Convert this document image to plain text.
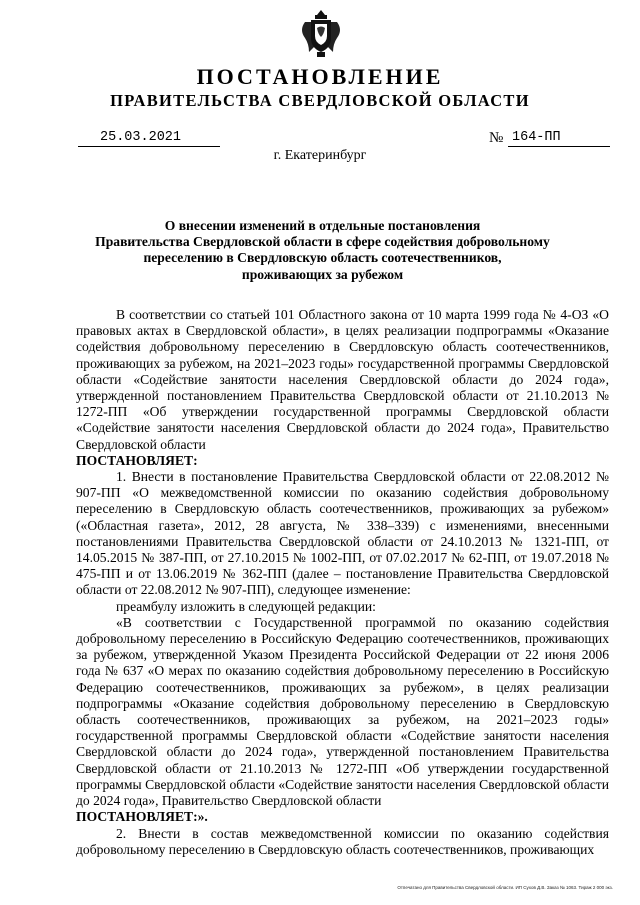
ПОСТАНОВЛЕНИЕ
ПРАВИТЕЛЬСТВА СВЕРДЛОВСКОЙ ОБЛАСТИ
25.03.2021	№ 164-ПП
г. Екатеринбург
О внесении изменений в отдельные постановления
Правительства Свердловской области в сфере содействия добровольному
переселению в Свердловскую область соотечественников,
проживающих за рубежом

В соответствии со статьей 101 Областного закона от 10 марта 1999 года № 4-ОЗ «О правовых актах в Свердловской области», в целях реализации подпрограммы «Оказание содействия добровольному переселению в Свердловскую область соотечественников, проживающих за рубежом, на 2021–2023 годы» государственной программы Свердловской области «Содействие занятости населения Свердловской области до 2024 года», утвержденной постановлением Правительства Свердловской области от 21.10.2013 № 1272-ПП «Об утверждении государственной программы Свердловской области «Содействие занятости населения Свердловской области до 2024 года», Правительство Свердловской области

ПОСТАНОВЛЯЕТ:

1. Внести в постановление Правительства Свердловской области от 22.08.2012 № 907-ПП «О межведомственной комиссии по оказанию содействия добровольному переселению в Свердловскую область соотечественников, проживающих за рубежом» («Областная газета», 2012, 28 августа, № 338–339) с изменениями, внесенными постановлениями Правительства Свердловской области от 24.10.2013 № 1321-ПП, от 14.05.2015 № 387-ПП, от 27.10.2015 № 1002-ПП, от 07.02.2017 № 62-ПП, от 19.07.2018 № 475-ПП и от 13.06.2019 № 362-ПП (далее – постановление Правительства Свердловской области от 22.08.2012 № 907-ПП), следующее изменение:

преамбулу изложить в следующей редакции:

«В соответствии с Государственной программой по оказанию содействия добровольному переселению в Российскую Федерацию соотечественников, проживающих за рубежом, утвержденной Указом Президента Российской Федерации от 22 июня 2006 года № 637 «О мерах по оказанию содействия добровольному переселению в Российскую Федерацию соотечественников, проживающих за рубежом», в целях реализации подпрограммы «Оказание содействия добровольному переселению в Свердловскую область соотечественников, проживающих за рубежом, на 2021–2023 годы» государственной программы Свердловской области «Содействие занятости населения Свердловской области до 2024 года», утвержденной постановлением Правительства Свердловской области от 21.10.2013 № 1272-ПП «Об утверждении государственной программы Свердловской области «Содействие занятости населения Свердловской области до 2024 года», Правительство Свердловской области

ПОСТАНОВЛЯЕТ:».

2. Внести в состав межведомственной комиссии по оказанию содействия добровольному переселению в Свердловскую область соотечественников, проживающих

Отпечатано для Правительства Свердловской области. ИП Сухов Д.В. Заказ № 1063. Тираж 2 000 экз.
